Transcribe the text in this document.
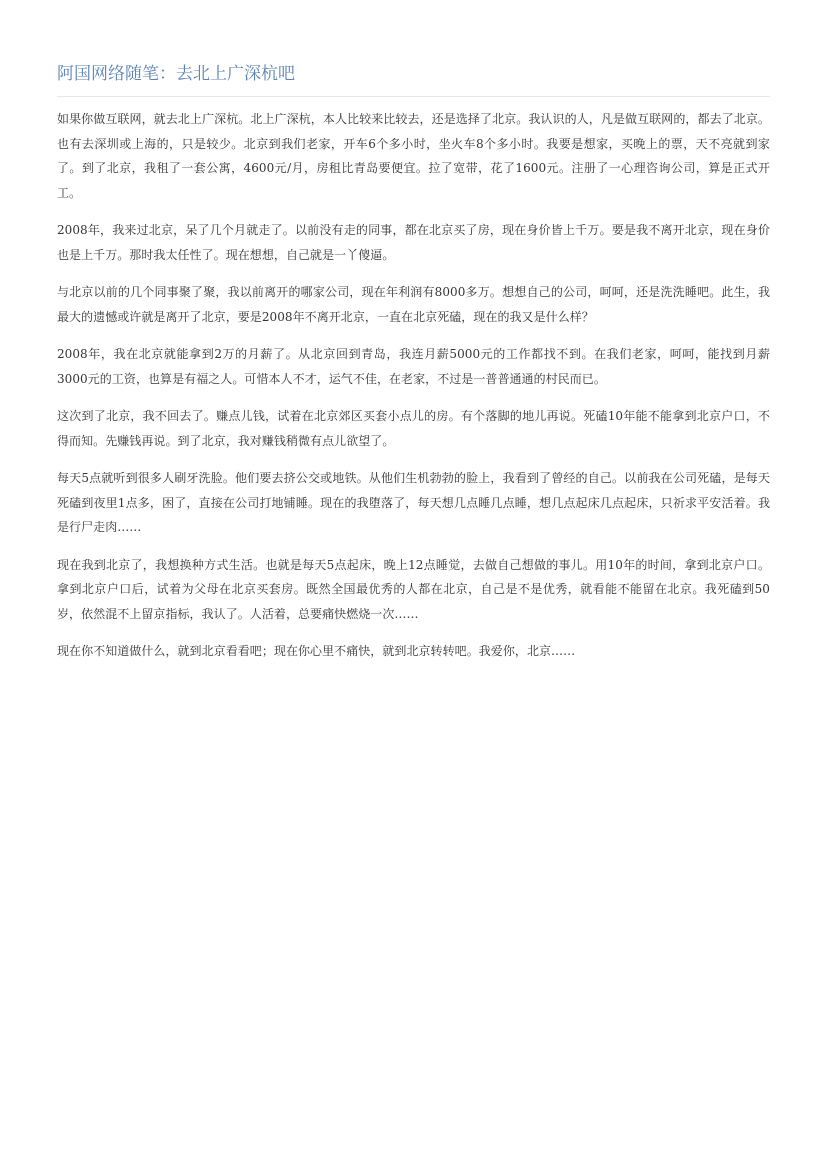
阿国网络随笔：去北上广深杭吧

如果你做互联网，就去北上广深杭。北上广深杭，本人比较来比较去，还是选择了北京。我认识的人，凡是做互联网的，都去了北京。也有去深圳或上海的，只是较少。北京到我们老家，开车6个多小时，坐火车8个多小时。我要是想家，买晚上的票，天不亮就到家了。到了北京，我租了一套公寓，4600元/月，房租比青岛要便宜。拉了宽带，花了1600元。注册了一心理咨询公司，算是正式开工。

2008年，我来过北京，呆了几个月就走了。以前没有走的同事，都在北京买了房，现在身价皆上千万。要是我不离开北京，现在身价也是上千万。那时我太任性了。现在想想，自己就是一丫傻逼。

与北京以前的几个同事聚了聚，我以前离开的哪家公司，现在年利润有8000多万。想想自己的公司，呵呵，还是洗洗睡吧。此生，我最大的遗憾或许就是离开了北京，要是2008年不离开北京，一直在北京死磕，现在的我又是什么样？

2008年，我在北京就能拿到2万的月薪了。从北京回到青岛，我连月薪5000元的工作都找不到。在我们老家，呵呵，能找到月薪3000元的工资，也算是有福之人。可惜本人不才，运气不佳，在老家，不过是一普普通通的村民而已。

这次到了北京，我不回去了。赚点儿钱，试着在北京郊区买套小点儿的房。有个落脚的地儿再说。死磕10年能不能拿到北京户口，不得而知。先赚钱再说。到了北京，我对赚钱稍微有点儿欲望了。

每天5点就听到很多人刷牙洗脸。他们要去挤公交或地铁。从他们生机勃勃的脸上，我看到了曾经的自己。以前我在公司死磕，是每天死磕到夜里1点多，困了，直接在公司打地铺睡。现在的我堕落了，每天想几点睡几点睡，想几点起床几点起床，只祈求平安活着。我是行尸走肉……

现在我到北京了，我想换种方式生活。也就是每天5点起床，晚上12点睡觉，去做自己想做的事儿。用10年的时间，拿到北京户口。拿到北京户口后，试着为父母在北京买套房。既然全国最优秀的人都在北京，自己是不是优秀，就看能不能留在北京。我死磕到50岁，依然混不上留京指标，我认了。人活着，总要痛快燃烧一次……

现在你不知道做什么，就到北京看看吧；现在你心里不痛快，就到北京转转吧。我爱你，北京……
